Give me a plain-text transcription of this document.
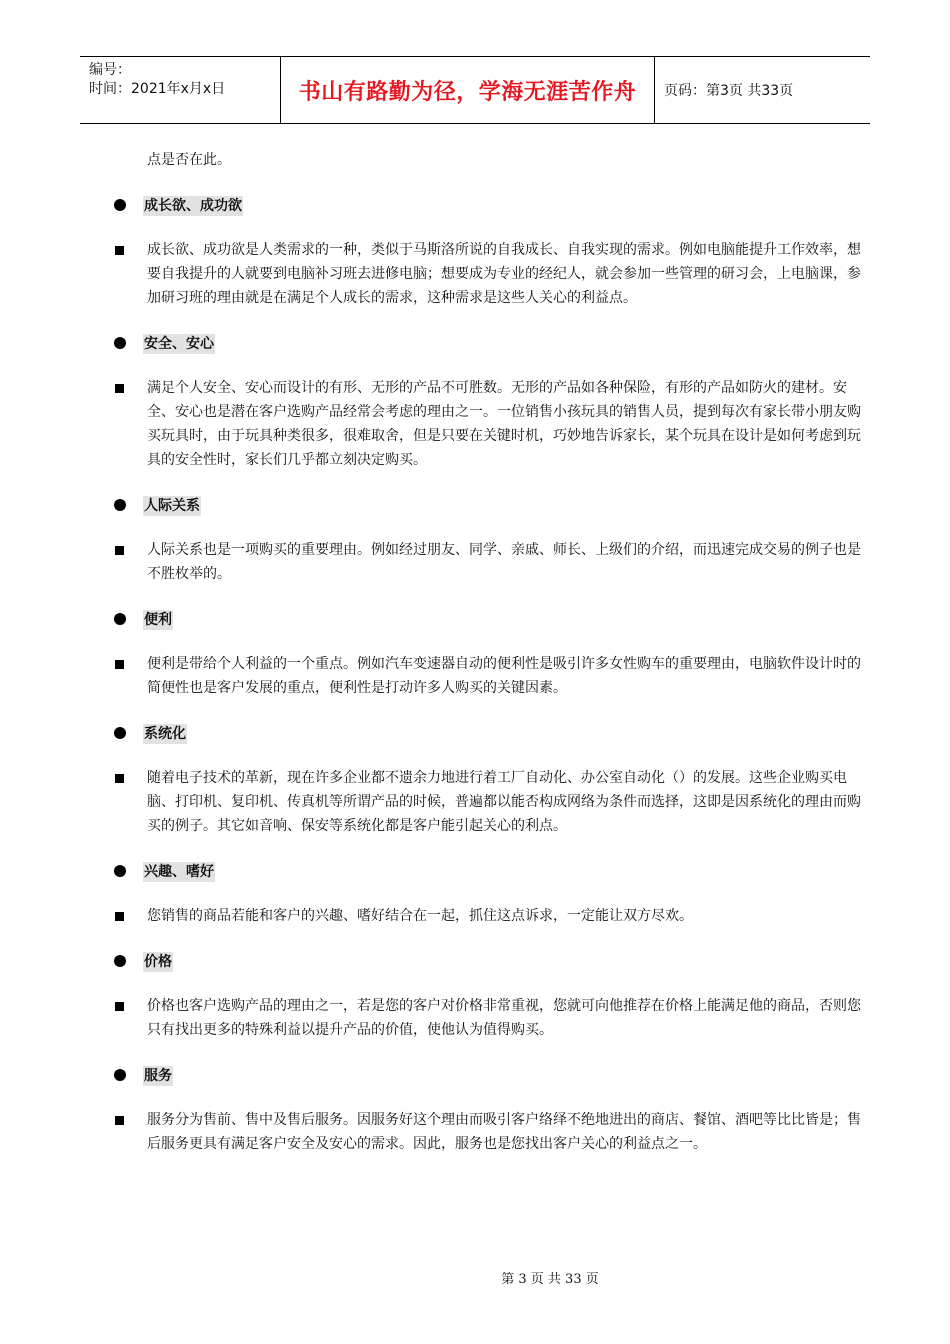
编号：
时间：2021年x月x日	书山有路勤为径，学海无涯苦作舟	页码：第3页 共33页

点是否在此。

成长欲、成功欲
成长欲、成功欲是人类需求的一种，类似于马斯洛所说的自我成长、自我实现的需求。例如电脑能提升工作效率，想要自我提升的人就要到电脑补习班去进修电脑；想要成为专业的经纪人，就会参加一些管理的研习会，上电脑课，参加研习班的理由就是在满足个人成长的需求，这种需求是这些人关心的利益点。
安全、安心
满足个人安全、安心而设计的有形、无形的产品不可胜数。无形的产品如各种保险，有形的产品如防火的建材。安全、安心也是潜在客户选购产品经常会考虑的理由之一。一位销售小孩玩具的销售人员，提到每次有家长带小朋友购买玩具时，由于玩具种类很多，很难取舍，但是只要在关键时机，巧妙地告诉家长，某个玩具在设计是如何考虑到玩具的安全性时，家长们几乎都立刻决定购买。
人际关系
人际关系也是一项购买的重要理由。例如经过朋友、同学、亲戚、师长、上级们的介绍，而迅速完成交易的例子也是不胜枚举的。
便利
便利是带给个人利益的一个重点。例如汽车变速器自动的便利性是吸引许多女性购车的重要理由，电脑软件设计时的简便性也是客户发展的重点，便利性是打动许多人购买的关键因素。
系统化
随着电子技术的革新，现在许多企业都不遗余力地进行着工厂自动化、办公室自动化（）的发展。这些企业购买电脑、打印机、复印机、传真机等所谓产品的时候，普遍都以能否构成网络为条件而选择，这即是因系统化的理由而购买的例子。其它如音响、保安等系统化都是客户能引起关心的利点。
兴趣、嗜好
您销售的商品若能和客户的兴趣、嗜好结合在一起，抓住这点诉求，一定能让双方尽欢。
价格
价格也客户选购产品的理由之一，若是您的客户对价格非常重视，您就可向他推荐在价格上能满足他的商品，否则您只有找出更多的特殊利益以提升产品的价值，使他认为值得购买。
服务
服务分为售前、售中及售后服务。因服务好这个理由而吸引客户络绎不绝地进出的商店、餐馆、酒吧等比比皆是；售后服务更具有满足客户安全及安心的需求。因此，服务也是您找出客户关心的利益点之一。
第 3 页 共 33 页
